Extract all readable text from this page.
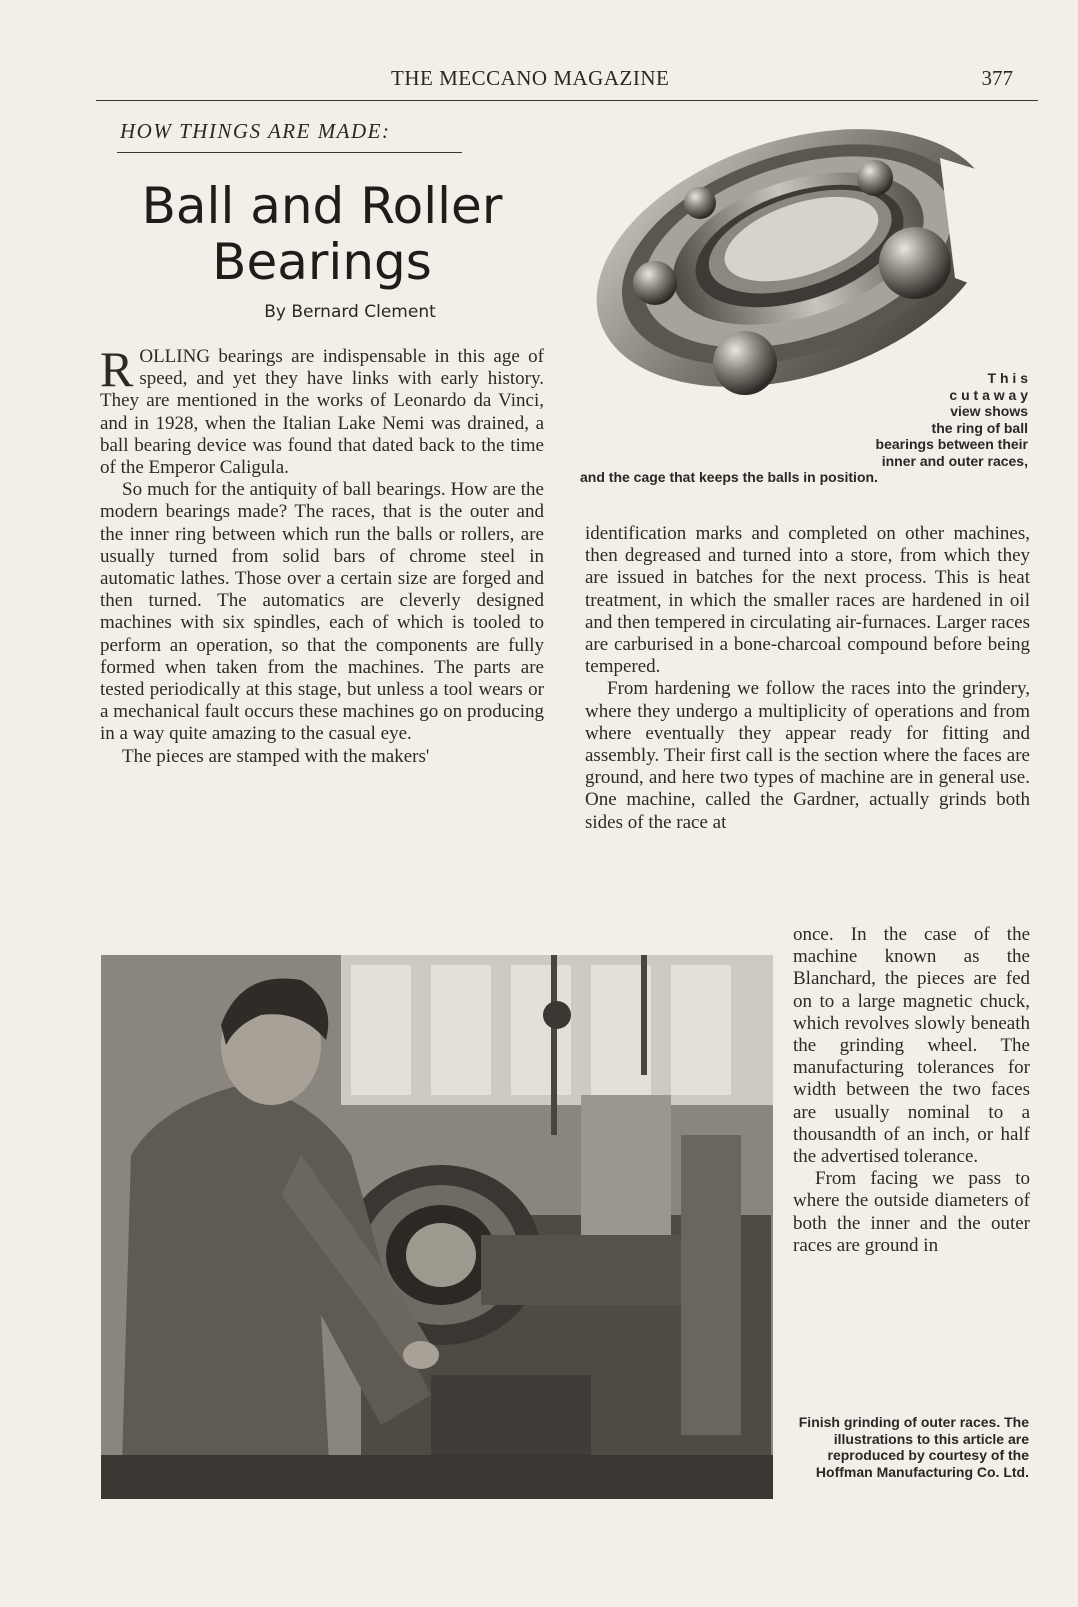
THE MECCANO MAGAZINE	377
HOW THINGS ARE MADE:
Ball and Roller
Bearings
By Bernard Clement

ROLLING bearings are indispensable in this age of speed, and yet they have links with early history. They are mentioned in the works of Leonardo da Vinci, and in 1928, when the Italian Lake Nemi was drained, a ball bearing device was found that dated back to the time of the Emperor Caligula.

So much for the antiquity of ball bearings. How are the modern bearings made? The races, that is the outer and the inner ring between which run the balls or rollers, are usually turned from solid bars of chrome steel in automatic lathes. Those over a certain size are forged and then turned. The automatics are cleverly designed machines with six spindles, each of which is tooled to perform an operation, so that the components are fully formed when taken from the machines. The parts are tested periodically at this stage, but unless a tool wears or a mechanical fault occurs these machines go on producing in a way quite amazing to the casual eye.

The pieces are stamped with the makers'

T h i s
c u t a w a y
view shows
the ring of ball
bearings between their
inner and outer races,
and the cage that keeps the balls in position.

identification marks and completed on other machines, then degreased and turned into a store, from which they are issued in batches for the next process. This is heat treatment, in which the smaller races are hardened in oil and then tempered in circulating air-furnaces. Larger races are carburised in a bone-charcoal compound before being tempered.

From hardening we follow the races into the grindery, where they undergo a multiplicity of operations and from where eventually they appear ready for fitting and assembly. Their first call is the section where the faces are ground, and here two types of machine are in general use. One machine, called the Gardner, actually grinds both sides of the race at

once. In the case of the machine known as the Blanchard, the pieces are fed on to a large magnetic chuck, which revolves slowly beneath the grinding wheel. The manufacturing tolerances for width between the two faces are usually nominal to a thousandth of an inch, or half the advertised tolerance.

From facing we pass to where the outside diameters of both the inner and the outer races are ground in

Finish grinding of outer races. The illustrations to this article are reproduced by courtesy of the Hoffman Manufacturing Co. Ltd.
